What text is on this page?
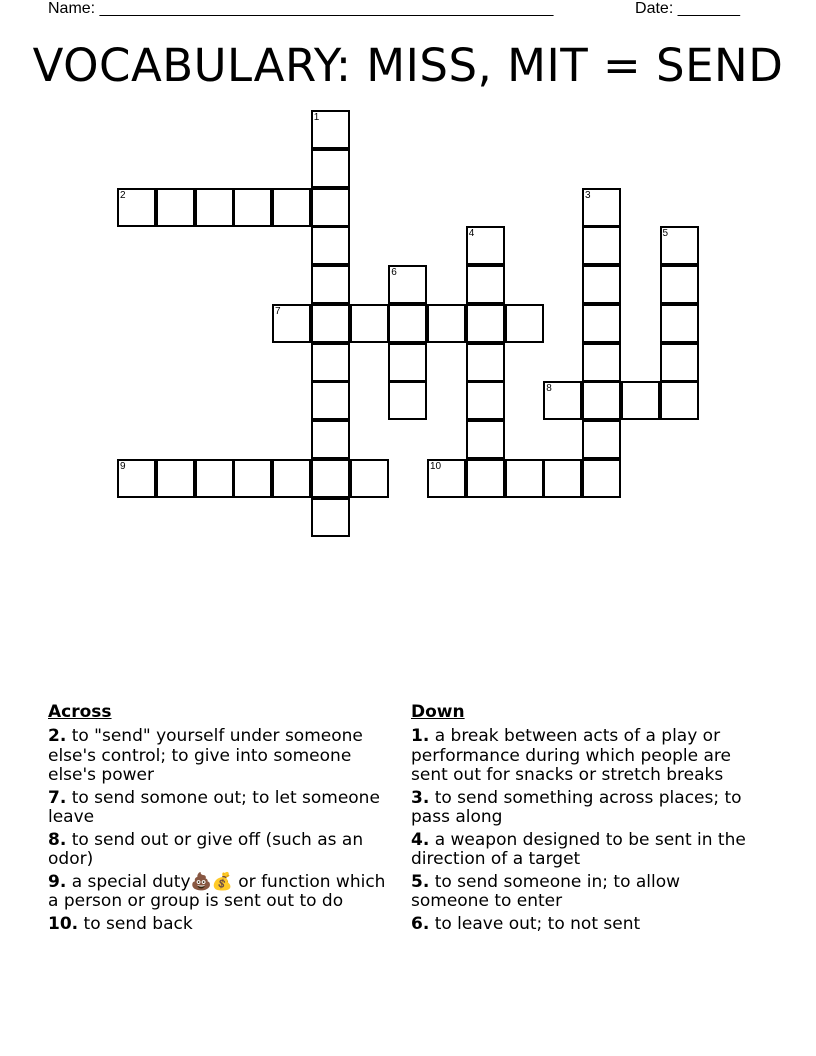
Name: ___________________________________________________	Date: _______
VOCABULARY: MISS, MIT = SEND
1
2	3
4	5
6
7
8
9	10
Across
2. to "send" yourself under someone else's control; to give into someone else's power
7. to send somone out; to let someone leave
8. to send out or give off (such as an odor)
9. a special duty💩💰 or function which a person or group is sent out to do
10. to send back
Down
1. a break between acts of a play or performance during which people are sent out for snacks or stretch breaks
3. to send something across places; to pass along
4. a weapon designed to be sent in the direction of a target
5. to send someone in; to allow someone to enter
6. to leave out; to not sent
